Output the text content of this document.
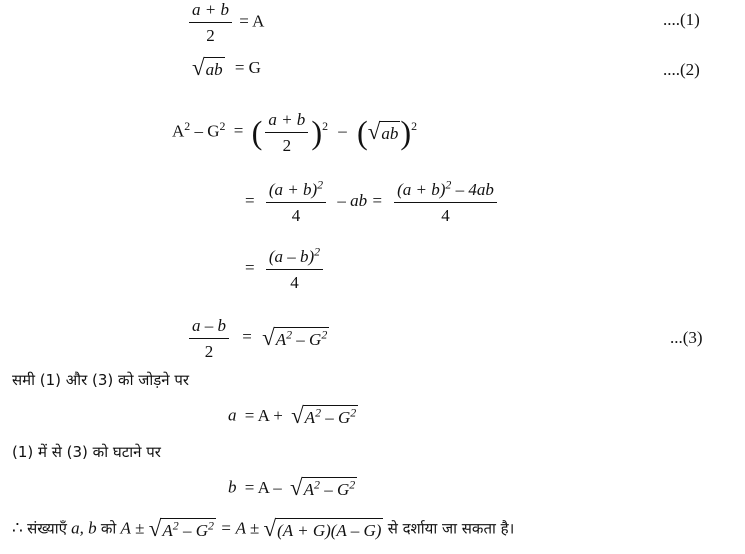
$\frac{a + b}{2} = A$	....(1)
√ ab = G	....(2)
$A^2 - G^2$ = ( $\frac{a + b}{2} )^2$ – ( √ ab )$^2$
= $\frac{(a + b)^2}{4}$ – ab = $\frac{(a + b)^2 - 4ab}{4}$
= $\frac{(a - b)^2}{4}$
$\frac{a - b}{2}$ = √ $A^2 - G^2$	...(3)
समी (1) और (3) को जोड़ने पर
a = A + √ $A^2 - G^2$
(1) में से (3) को घटाने पर
b = A – √ $A^2 - G^2$
∴ संख्याएँ a, b को A ± √ $A^2 - G^2 = A$ ± √ (A + G)(A – G) से दर्शाया जा सकता है।
